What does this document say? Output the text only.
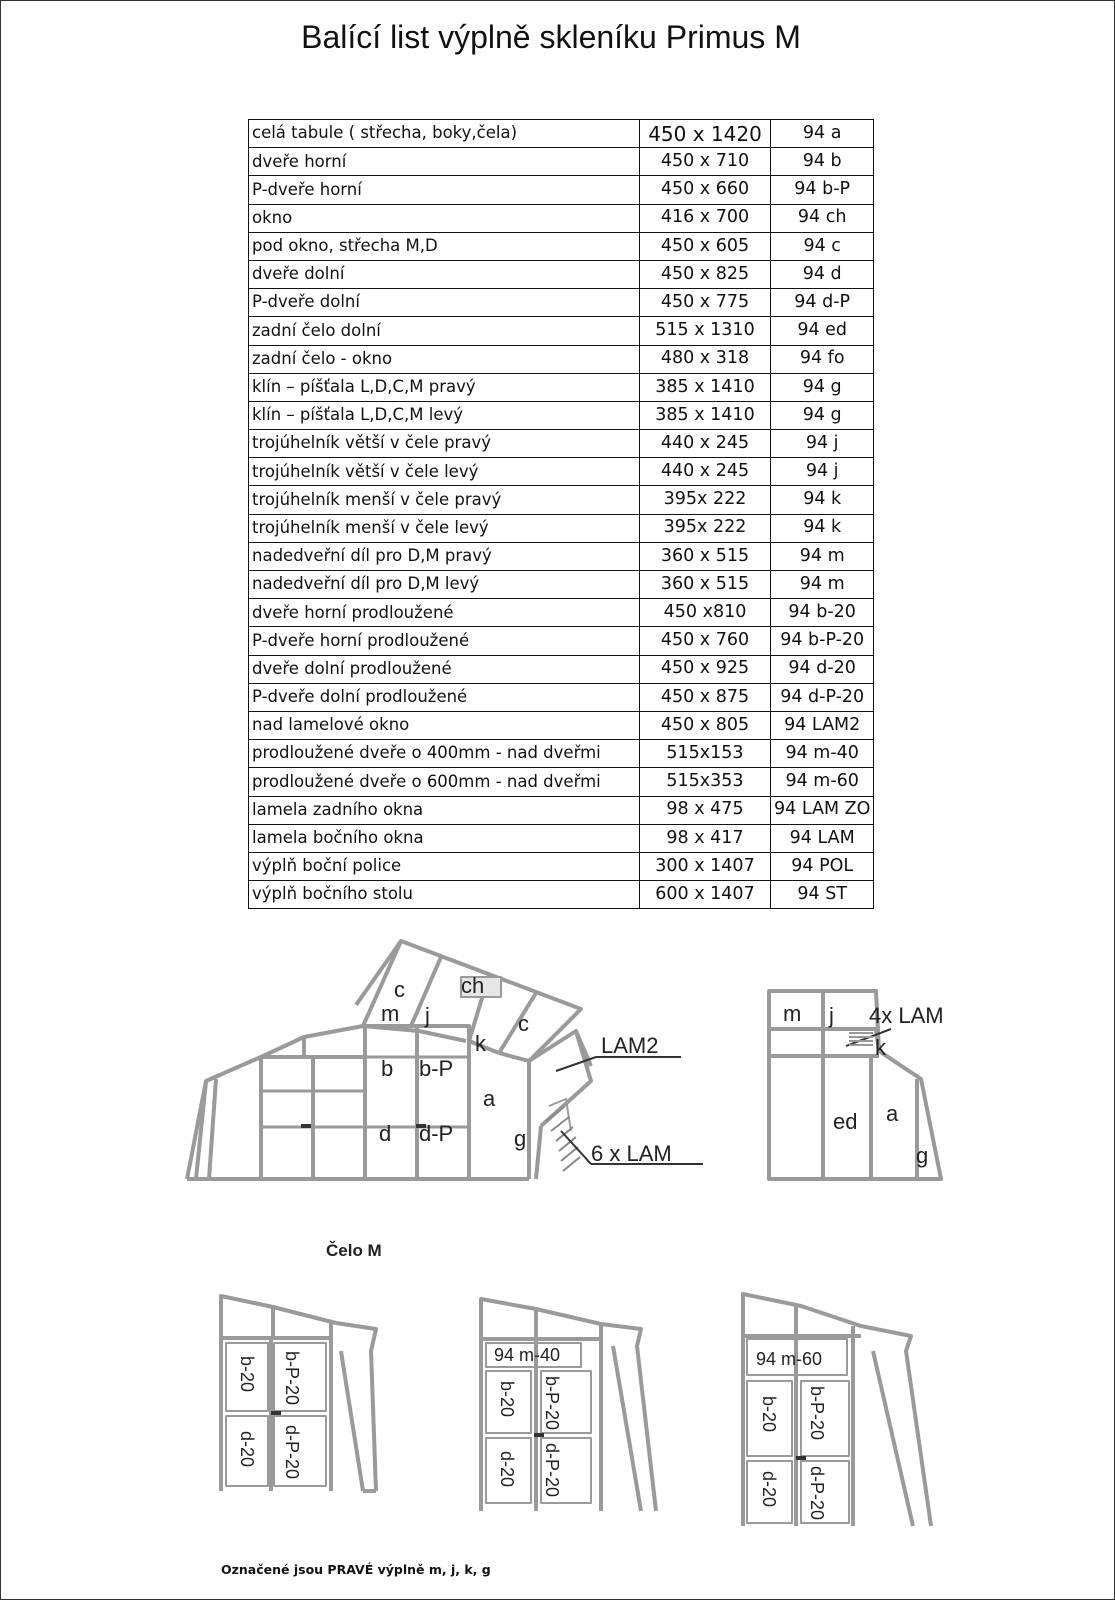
Balící list výplně skleníku Primus M
celá tabule ( střecha, boky,čela)	450 x 1420	94 a
dveře horní	450 x 710	94 b
P-dveře horní	450 x 660	94 b-P
okno	416 x 700	94 ch
pod okno, střecha M,D	450 x 605	94 c
dveře dolní	450 x 825	94 d
P-dveře dolní	450 x 775	94 d-P
zadní čelo dolní	515 x 1310	94 ed
zadní čelo - okno	480 x 318	94 fo
klín – píšťala L,D,C,M pravý	385 x 1410	94 g
klín – píšťala L,D,C,M levý	385 x 1410	94 g
trojúhelník větší v čele pravý	440 x 245	94 j
trojúhelník větší v čele levý	440 x 245	94 j
trojúhelník menší v čele pravý	395x 222	94 k
trojúhelník menší v čele levý	395x 222	94 k
nadedveřní díl pro D,M pravý	360 x 515	94 m
nadedveřní díl pro D,M levý	360 x 515	94 m
dveře horní prodloužené	450 x810	94 b-20
P-dveře horní prodloužené	450 x 760	94 b-P-20
dveře dolní prodloužené	450 x 925	94 d-20
P-dveře dolní prodloužené	450 x 875	94 d-P-20
nad lamelové okno	450 x 805	94 LAM2
prodloužené dveře o 400mm - nad dveřmi	515x153	94 m-40
prodloužené dveře o 600mm - nad dveřmi	515x353	94 m-60
lamela zadního okna	98 x 475	94 LAM ZO
lamela bočního okna	98 x 417	94 LAM
výplň boční police	300 x 1407	94 POL
výplň bočního stolu	600 x 1407	94 ST
c	ch
c
m j
k
b b-P
d d-P
a
g
LAM2
6 x LAM
m j 4x LAM
k
ed a
g
b-20 b-P-20
d-20 d-P-20
94 m-40
b-20 b-P-20
d-20 d-P-20
94 m-60
b-20 b-P-20
d-20 d-P-20
Čelo M
Označené jsou PRAVÉ výplně m, j, k, g
